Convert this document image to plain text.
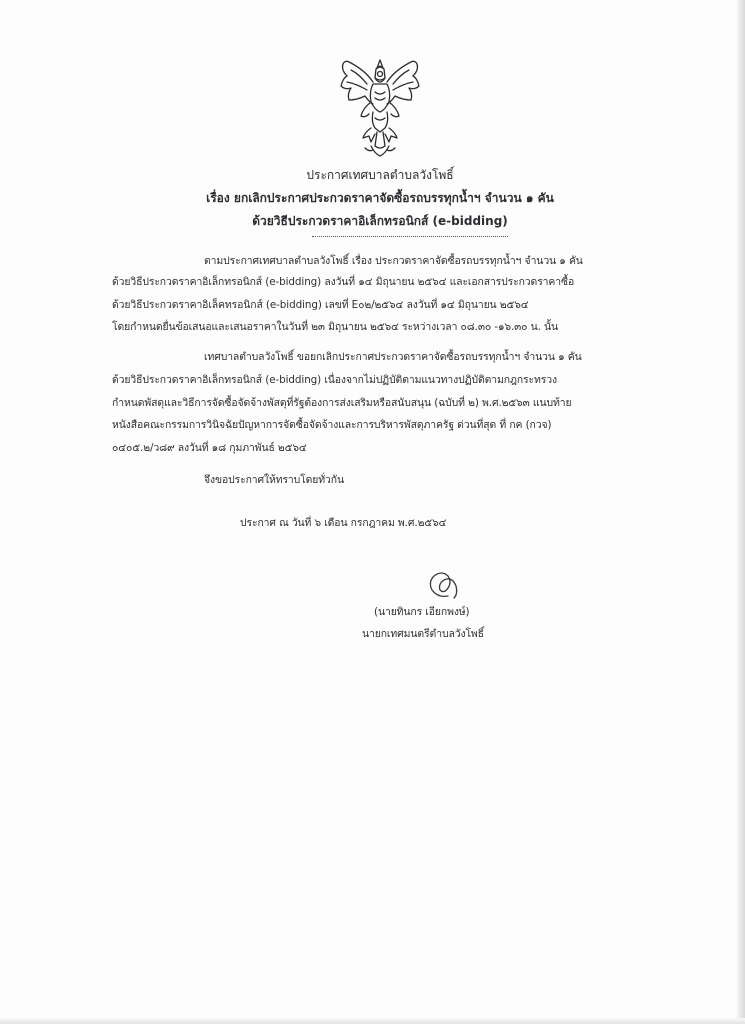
ประกาศเทศบาลตำบลวังโพธิ์
เรื่อง ยกเลิกประกาศประกวดราคาจัดซื้อรถบรรทุกน้ำฯ จำนวน ๑ คัน
ด้วยวิธีประกวดราคาอิเล็กทรอนิกส์ (e-bidding)
ตามประกาศเทศบาลตำบลวังโพธิ์ เรื่อง ประกวดราคาจัดซื้อรถบรรทุกน้ำฯ จำนวน ๑ คัน
ด้วยวิธีประกวดราคาอิเล็กทรอนิกส์ (e-bidding) ลงวันที่ ๑๔ มิถุนายน ๒๕๖๔ และเอกสารประกวดราคาซื้อ
ด้วยวิธีประกวดราคาอิเล็คทรอนิกส์ (e-bidding) เลขที่ E๐๒/๒๕๖๔ ลงวันที่ ๑๔ มิถุนายน ๒๕๖๔
โดยกำหนดยื่นข้อเสนอและเสนอราคาในวันที่ ๒๓ มิถุนายน ๒๕๖๔ ระหว่างเวลา ๐๘.๓๐ -๑๖.๓๐ น. นั้น
เทศบาลตำบลวังโพธิ์ ขอยกเลิกประกาศประกวดราคาจัดซื้อรถบรรทุกน้ำฯ จำนวน ๑ คัน
ด้วยวิธีประกวดราคาอิเล็กทรอนิกส์ (e-bidding) เนื่องจากไม่ปฏิบัติตามแนวทางปฏิบัติตามกฎกระทรวง
กำหนดพัสดุและวิธีการจัดซื้อจัดจ้างพัสดุที่รัฐต้องการส่งเสริมหรือสนับสนุน (ฉบับที่ ๒) พ.ศ.๒๕๖๓ แนบท้าย
หนังสือคณะกรรมการวินิจฉัยปัญหาการจัดซื้อจัดจ้างและการบริหารพัสดุภาครัฐ ด่วนที่สุด ที่ กค (กวจ)
๐๔๐๕.๒/ว๘๙ ลงวันที่ ๑๘ กุมภาพันธ์ ๒๕๖๔
จึงขอประกาศให้ทราบโดยทั่วกัน
ประกาศ ณ วันที่ ๖ เดือน กรกฎาคม พ.ศ.๒๕๖๔
(นายทินกร เอียกพงษ์)
นายกเทศมนตรีตำบลวังโพธิ์
